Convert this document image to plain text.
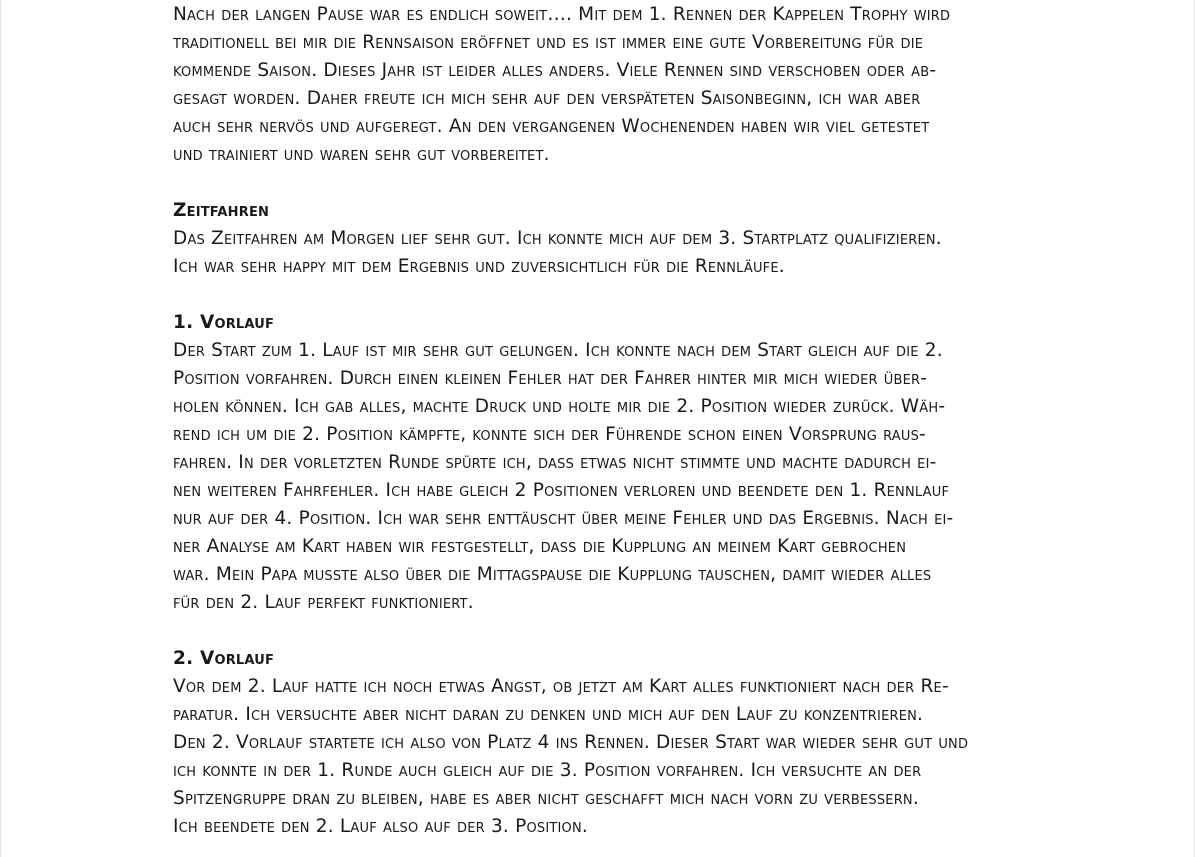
Nach der langen Pause war es endlich soweit…. Mit dem 1. Rennen der Kappelen Trophy wird
traditionell bei mir die Rennsaison eröffnet und es ist immer eine gute Vorbereitung für die
kommende Saison. Dieses Jahr ist leider alles anders. Viele Rennen sind verschoben oder ab-
gesagt worden. Daher freute ich mich sehr auf den verspäteten Saisonbeginn, ich war aber
auch sehr nervös und aufgeregt. An den vergangenen Wochenenden haben wir viel getestet
und trainiert und waren sehr gut vorbereitet.

Zeitfahren

Das Zeitfahren am Morgen lief sehr gut. Ich konnte mich auf dem 3. Startplatz qualifizieren.
Ich war sehr happy mit dem Ergebnis und zuversichtlich für die Rennläufe.

1. Vorlauf

Der Start zum 1. Lauf ist mir sehr gut gelungen. Ich konnte nach dem Start gleich auf die 2.
Position vorfahren. Durch einen kleinen Fehler hat der Fahrer hinter mir mich wieder über-
holen können. Ich gab alles, machte Druck und holte mir die 2. Position wieder zurück. Wäh-
rend ich um die 2. Position kämpfte, konnte sich der Führende schon einen Vorsprung raus-
fahren. In der vorletzten Runde spürte ich, dass etwas nicht stimmte und machte dadurch ei-
nen weiteren Fahrfehler. Ich habe gleich 2 Positionen verloren und beendete den 1. Rennlauf
nur auf der 4. Position. Ich war sehr enttäuscht über meine Fehler und das Ergebnis. Nach ei-
ner Analyse am Kart haben wir festgestellt, dass die Kupplung an meinem Kart gebrochen
war. Mein Papa musste also über die Mittagspause die Kupplung tauschen, damit wieder alles
für den 2. Lauf perfekt funktioniert.

2. Vorlauf

Vor dem 2. Lauf hatte ich noch etwas Angst, ob jetzt am Kart alles funktioniert nach der Re-
paratur. Ich versuchte aber nicht daran zu denken und mich auf den Lauf zu konzentrieren.
Den 2. Vorlauf startete ich also von Platz 4 ins Rennen. Dieser Start war wieder sehr gut und
ich konnte in der 1. Runde auch gleich auf die 3. Position vorfahren. Ich versuchte an der
Spitzengruppe dran zu bleiben, habe es aber nicht geschafft mich nach vorn zu verbessern.
Ich beendete den 2. Lauf also auf der 3. Position.
